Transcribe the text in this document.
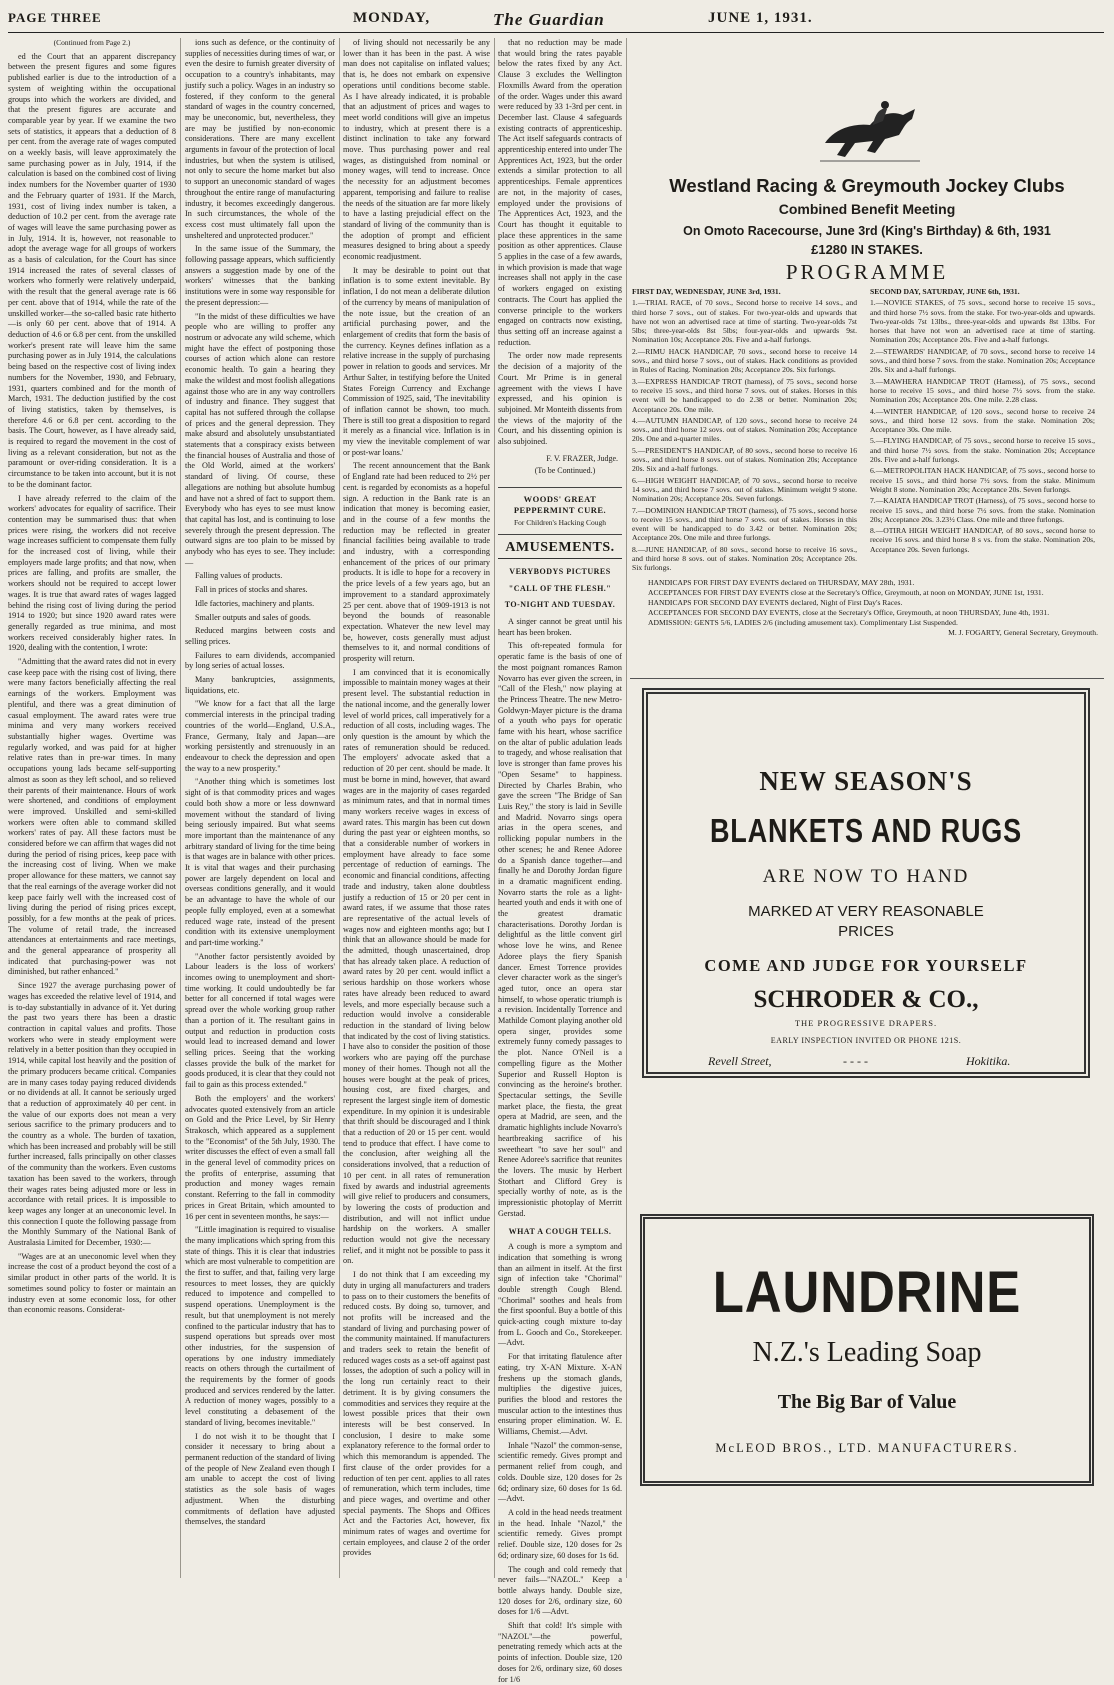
PAGE THREE	MONDAY,	The Guardian	JUNE 1, 1931.

(Continued from Page 2.)

ed the Court that an apparent discrepancy between the present figures and some figures published earlier is due to the introduction of a system of weighting within the occupational groups into which the workers are divided, and that the present figures are accurate and comparable year by year. If we examine the two sets of statistics, it appears that a deduction of 8 per cent. from the average rate of wages computed on a weekly basis, will leave approximately the same purchasing power as in July, 1914, if the calculation is based on the combined cost of living index numbers for the November quarter of 1930 and the February quarter of 1931. If the March, 1931, cost of living index number is taken, a deduction of 10.2 per cent. from the average rate of wages will leave the same purchasing power as in July, 1914. It is, however, not reasonable to adopt the average wage for all groups of workers as a basis of calculation, for the Court has since 1914 increased the rates of several classes of workers who formerly were relatively underpaid, with the result that the general average rate is 66 per cent. above that of 1914, while the rate of the unskilled worker—the so-called basic rate hitherto—is only 60 per cent. above that of 1914. A deduction of 4.6 or 6.8 per cent. from the unskilled worker's present rate will leave him the same purchasing power as in July 1914, the calculations being based on the respective cost of living index numbers for the November, 1930, and February, 1931, quarters combined and for the month of March, 1931. The deduction justified by the cost of living statistics, taken by themselves, is therefore 4.6 or 6.8 per cent. according to the basis. The Court, however, as I have already said, is required to regard the movement in the cost of living as a relevant consideration, but not as the paramount or over-riding consideration. It is a circumstance to be taken into account, but it is not to be the dominant factor.

I have already referred to the claim of the workers' advocates for equality of sacrifice. Their contention may be summarised thus: that when prices were rising, the workers did not receive wage increases sufficient to compensate them fully for the increased cost of living, while their employers made large profits; and that now, when prices are falling, and profits are smaller, the workers should not be required to accept lower wages. It is true that award rates of wages lagged behind the rising cost of living during the period 1914 to 1920; but since 1920 award rates were generally regarded as true minima, and most workers received considerably higher rates. In 1920, dealing with the contention, I wrote:

"Admitting that the award rates did not in every case keep pace with the rising cost of living, there were many factors beneficially affecting the real earnings of the workers. Employment was plentiful, and there was a great diminution of casual employment. The award rates were true minima and very many workers received substantially higher wages. Overtime was regularly worked, and was paid for at higher relative rates than in pre-war times. In many occupations young lads became self-supporting almost as soon as they left school, and so relieved their parents of their maintenance. Hours of work were shortened, and conditions of employment were improved. Unskilled and semi-skilled workers were often able to command skilled workers' rates of pay. All these factors must be considered before we can affirm that wages did not during the period of rising prices, keep pace with the increasing cost of living. When we make proper allowance for these matters, we cannot say that the real earnings of the average worker did not keep pace fairly well with the increased cost of living during the period of rising prices except, possibly, for a few months at the peak of prices. The volume of retail trade, the increased attendances at entertainments and race meetings, and the general appearance of prosperity all indicated that purchasing-power was not diminished, but rather enhanced."

Since 1927 the average purchasing power of wages has exceeded the relative level of 1914, and is to-day substantially in advance of it. Yet during the past two years there has been a drastic contraction in capital values and profits. Those workers who were in steady employment were relatively in a better position than they occupied in 1914, while capital lost heavily and the position of the primary producers became critical. Companies are in many cases today paying reduced dividends or no dividends at all. It cannot be seriously urged that a reduction of approximately 40 per cent. in the value of our exports does not mean a very serious sacrifice to the primary producers and to the country as a whole. The burden of taxation, which has been increased and probably will be still further increased, falls principally on other classes of the community than the workers. Even customs taxation has been saved to the workers, through their wages rates being adjusted more or less in accordance with retail prices. It is impossible to keep wages any longer at an uneconomic level. In this connection I quote the following passage from the Monthly Summary of the National Bank of Australasia Limited for December, 1930:—

"Wages are at an uneconomic level when they increase the cost of a product beyond the cost of a similar product in other parts of the world. It is sometimes sound policy to foster or maintain an industry even at some economic loss, for other than economic reasons. Considerat-

ions such as defence, or the continuity of supplies of necessities during times of war, or even the desire to furnish greater diversity of occupation to a country's inhabitants, may justify such a policy. Wages in an industry so fostered, if they conform to the general standard of wages in the country concerned, may be uneconomic, but, nevertheless, they are may be justified by non-economic considerations. There are many excellent arguments in favour of the protection of local industries, but when the system is utilised, not only to secure the home market but also to support an uneconomic standard of wages throughout the entire range of manufacturing industry, it becomes exceedingly dangerous. In such circumstances, the whole of the excess cost must ultimately fall upon the unsheltered and unprotected producer."

In the same issue of the Summary, the following passage appears, which sufficiently answers a suggestion made by one of the workers' witnesses that the banking institutions were in some way responsible for the present depression:—

"In the midst of these difficulties we have people who are willing to proffer any nostrum or advocate any wild scheme, which might have the effect of postponing those courses of action which alone can restore economic health. To gain a hearing they make the wildest and most foolish allegations against those who are in any way controllers of industry and finance. They suggest that capital has not suffered through the collapse of prices and the general depression. They make absurd and absolutely unsubstantiated statements that a conspiracy exists between the financial houses of Australia and those of the Old World, aimed at the workers' standard of living. Of course, these allegations are nothing but absolute humbug and have not a shred of fact to support them. Everybody who has eyes to see must know that capital has lost, and is continuing to lose severely through the present depression. The outward signs are too plain to be missed by anybody who has eyes to see. They include:—

Falling values of products.

Fall in prices of stocks and shares.

Idle factories, machinery and plants.

Smaller outputs and sales of goods.

Reduced margins between costs and selling prices.

Failures to earn dividends, accompanied by long series of actual losses.

Many bankruptcies, assignments, liquidations, etc.

"We know for a fact that all the large commercial interests in the principal trading countries of the world—England, U.S.A., France, Germany, Italy and Japan—are working persistently and strenuously in an endeavour to check the depression and open the way to a new prosperity."

"Another thing which is sometimes lost sight of is that commodity prices and wages could both show a more or less downward movement without the standard of living being seriously impaired. But what seems more important than the maintenance of any arbitrary standard of living for the time being is that wages are in balance with other prices. It is vital that wages and their purchasing power are largely dependent on local and overseas conditions generally, and it would be an advantage to have the whole of our people fully employed, even at a somewhat reduced wage rate, instead of the present condition with its extensive unemployment and part-time working."

"Another factor persistently avoided by Labour leaders is the loss of workers' incomes owing to unemployment and short-time working. It could undoubtedly be far better for all concerned if total wages were spread over the whole working group rather than a portion of it. The resultant gains in output and reduction in production costs would lead to increased demand and lower selling prices. Seeing that the working classes provide the bulk of the market for goods produced, it is clear that they could not fail to gain as this process extended."

Both the employers' and the workers' advocates quoted extensively from an article on Gold and the Price Level, by Sir Henry Strakosch, which appeared as a supplement to the "Economist" of the 5th July, 1930. The writer discusses the effect of even a small fall in the general level of commodity prices on the profits of enterprise, assuming that production and money wages remain constant. Referring to the fall in commodity prices in Great Britain, which amounted to 16 per cent in seventeen months, he says:—

"Little imagination is required to visualise the many implications which spring from this state of things. This it is clear that industries which are most vulnerable to competition are the first to suffer, and that, failing very large resources to meet losses, they are quickly reduced to impotence and compelled to suspend operations. Unemployment is the result, but that unemployment is not merely confined to the particular industry that has to suspend operations but spreads over most other industries, for the suspension of operations by one industry immediately reacts on others through the curtailment of the requirements by the former of goods produced and services rendered by the latter. A reduction of money wages, possibly to a level constituting a debasement of the standard of living, becomes inevitable."

I do not wish it to be thought that I consider it necessary to bring about a permanent reduction of the standard of living of the people of New Zealand even though I am unable to accept the cost of living statistics as the sole basis of wages adjustment. When the disturbing commitments of deflation have adjusted themselves, the standard

of living should not necessarily be any lower than it has been in the past. A wise man does not capitalise on inflated values; that is, he does not embark on expensive operations until conditions become stable. As I have already indicated, it is probable that an adjustment of prices and wages to meet world conditions will give an impetus to industry, which at present there is a distinct inclination to take any forward move. Thus purchasing power and real wages, as distinguished from nominal or money wages, will tend to increase. Once the necessity for an adjustment becomes apparent, temporising and failure to realise the needs of the situation are far more likely to have a lasting prejudicial effect on the standard of living of the community than is the adoption of prompt and efficient measures designed to bring about a speedy economic readjustment.

It may be desirable to point out that inflation is to some extent inevitable. By inflation, I do not mean a deliberate dilution of the currency by means of manipulation of the note issue, but the creation of an artificial purchasing power, and the enlargement of credits that form the basis of the currency. Keynes defines inflation as a relative increase in the supply of purchasing power in relation to goods and services. Mr Arthur Salter, in testifying before the United States Foreign Currency and Exchange Commission of 1925, said, 'The inevitability of inflation cannot be shown, too much. There is still too great a disposition to regard it merely as a financial vice. Inflation is in my view the inevitable complement of war or post-war loans.'

The recent announcement that the Bank of England rate had been reduced to 2½ per cent. is regarded by economists as a hopeful sign. A reduction in the Bank rate is an indication that money is becoming easier, and in the course of a few months the reduction may be reflected in greater financial facilities being available to trade and industry, with a corresponding enhancement of the prices of our primary products. It is idle to hope for a recovery in the price levels of a few years ago, but an improvement to a standard approximately 25 per cent. above that of 1909-1913 is not beyond the bounds of reasonable expectation. Whatever the new level may be, however, costs generally must adjust themselves to it, and normal conditions of prosperity will return.

I am convinced that it is economically impossible to maintain money wages at their present level. The substantial reduction in the national income, and the generally lower level of world prices, call imperatively for a reduction of all costs, including wages. The only question is the amount by which the rates of remuneration should be reduced. The employers' advocate asked that a reduction of 20 per cent. should be made. It must be borne in mind, however, that award wages are in the majority of cases regarded as minimum rates, and that in normal times many workers receive wages in excess of award rates. This margin has been cut down during the past year or eighteen months, so that a considerable number of workers in employment have already to face some percentage of reduction of earnings. The economic and financial conditions, affecting trade and industry, taken alone doubtless justify a reduction of 15 or 20 per cent in award rates, if we assume that those rates are representative of the actual levels of wages now and eighteen months ago; but I think that an allowance should be made for the admitted, though unascertained, drop that has already taken place. A reduction of award rates by 20 per cent. would inflict a serious hardship on those workers whose rates have already been reduced to award levels, and more especially because such a reduction would involve a considerable reduction in the standard of living below that indicated by the cost of living statistics. I have also to consider the position of those workers who are paying off the purchase money of their homes. Though not all the houses were bought at the peak of prices, housing cost, are fixed charges, and represent the largest single item of domestic expenditure. In my opinion it is undesirable that thrift should be discouraged and I think that a reduction of 20 or 15 per cent. would tend to produce that effect. I have come to the conclusion, after weighing all the considerations involved, that a reduction of 10 per cent. in all rates of remuneration fixed by awards and industrial agreements will give relief to producers and consumers, by lowering the costs of production and distribution, and will not inflict undue hardship on the workers. A smaller reduction would not give the necessary relief, and it might not be possible to pass it on.

I do not think that I am exceeding my duty in urging all manufacturers and traders to pass on to their customers the benefits of reduced costs. By doing so, turnover, and not profits will be increased and the standard of living and purchasing power of the community maintained. If manufacturers and traders seek to retain the benefit of reduced wages costs as a set-off against past losses, the adoption of such a policy will in the long run certainly react to their detriment. It is by giving consumers the commodities and services they require at the lowest possible prices that their own interests will be best conserved. In conclusion, I desire to make some explanatory reference to the formal order to which this memorandum is appended. The first clause of the order provides for a reduction of ten per cent. applies to all rates of remuneration, which term includes, time and piece wages, and overtime and other special payments. The Shops and Offices Act and the Factories Act, however, fix minimum rates of wages and overtime for certain employees, and clause 2 of the order provides

that no reduction may be made that would bring the rates payable below the rates fixed by any Act. Clause 3 excludes the Wellington Floxmills Award from the operation of the order. Wages under this award were reduced by 33 1-3rd per cent. in December last. Clause 4 safeguards existing contracts of apprenticeship. The Act itself safeguards contracts of apprenticeship entered into under The Apprentices Act, 1923, but the order extends a similar protection to all apprenticeships. Female apprentices are not, in the majority of cases, employed under the provisions of The Apprentices Act, 1923, and the Court has thought it equitable to place these apprentices in the same position as other apprentices. Clause 5 applies in the case of a few awards, in which provision is made that wage increases shall not apply in the case of workers engaged on existing contracts. The Court has applied the converse principle to the workers engaged on contracts now existing, thus setting off an increase against a reduction.

The order now made represents the decision of a majority of the Court. Mr Prime is in general agreement with the views I have expressed, and his opinion is subjoined. Mr Monteith dissents from the views of the majority of the Court, and his dissenting opinion is also subjoined.

F. V. FRAZER, Judge.

(To be Continued.)

WOODS' GREAT PEPPERMINT CURE.
For Children's Hacking Cough
AMUSEMENTS.
VERYBODYS PICTURES
"CALL OF THE FLESH."
TO-NIGHT AND TUESDAY.

A singer cannot be great until his heart has been broken.

This oft-repeated formula for operatic fame is the basis of one of the most poignant romances Ramon Novarro has ever given the screen, in "Call of the Flesh," now playing at the Princess Theatre. The new Metro-Goldwyn-Mayer picture is the drama of a youth who pays for operatic fame with his heart, whose sacrifice on the altar of public adulation leads to tragedy, and whose realisation that love is stronger than fame proves his "Open Sesame" to happiness. Directed by Charles Brabin, who gave the screen "The Bridge of San Luis Rey," the story is laid in Seville and Madrid. Novarro sings opera arias in the opera scenes, and rollicking popular numbers in the other scenes; he and Renee Adoree do a Spanish dance together—and finally he and Dorothy Jordan figure in a dramatic magnificent ending. Novarro starts the role as a light-hearted youth and ends it with one of the greatest dramatic characterisations. Dorothy Jordan is delightful as the little convent girl whose love he wins, and Renee Adoree plays the fiery Spanish dancer. Ernest Torrence provides clever character work as the singer's aged tutor, once an opera star himself, to whose operatic triumph is a revision. Incidentally Torrence and Mathilde Comont playing another old opera singer, provides some extremely funny comedy passages to the plot. Nance O'Neil is a compelling figure as the Mother Superior and Russell Hopton is convincing as the heroine's brother. Spectacular settings, the Seville market place, the fiesta, the great opera at Madrid, are seen, and the dramatic highlights include Novarro's heartbreaking sacrifice of his sweetheart "to save her soul" and Renee Adoree's sacrifice that reunites the lovers. The music by Herbert Stothart and Clifford Grey is specially worthy of note, as is the impressionistic photoplay of Merritt Gerstad.

WHAT A COUGH TELLS.

A cough is more a symptom and indication that something is wrong than an ailment in itself. At the first sign of infection take "Chorimal" double strength Cough Blend. "Chorimal" soothes and heals from the first spoonful. Buy a bottle of this quick-acting cough mixture to-day from L. Gooch and Co., Storekeeper.—Advt.

For that irritating flatulence after eating, try X-AN Mixture. X-AN freshens up the stomach glands, multiplies the digestive juices, purifies the blood and restores the muscular action to the intestines thus ensuring proper elimination. W. E. Williams, Chemist.—Advt.

Inhale "Nazol" the common-sense, scientific remedy. Gives prompt and permanent relief from cough, and colds. Double size, 120 doses for 2s 6d; ordinary size, 60 doses for 1s 6d.—Advt.

A cold in the head needs treatment in the head. Inhale "Nazol," the scientific remedy. Gives prompt relief. Double size, 120 doses for 2s 6d; ordinary size, 60 doses for 1s 6d.

The cough and cold remedy that never fails—"NAZOL." Keep a bottle always handy. Double size, 120 doses for 2/6, ordinary size, 60 doses for 1/6 —Advt.

Shift that cold! It's simple with "NAZOL"—the powerful, penetrating remedy which acts at the points of infection. Double size, 120 doses for 2/6, ordinary size, 60 doses for 1/6

Westland Racing & Greymouth Jockey Clubs
Combined Benefit Meeting
On Omoto Racecourse, June 3rd (King's Birthday) & 6th, 1931
£1280 IN STAKES.
PROGRAMME
FIRST DAY, WEDNESDAY, JUNE 3rd, 1931.

1.—TRIAL RACE, of 70 sovs., Second horse to receive 14 sovs., and third horse 7 sovs., out of stakes. For two-year-olds and upwards that have not won an advertised race at time of starting. Two-year-olds 7st 5lbs; three-year-olds 8st 5lbs; four-year-olds and upwards 9st. Nomination 10s; Acceptance 20s. Five and a-half furlongs.

2.—RIMU HACK HANDICAP, 70 sovs., second horse to receive 14 sovs., and third horse 7 sovs., out of stakes. Hack conditions as provided in Rules of Racing. Nomination 20s; Acceptance 20s. Six furlongs.

3.—EXPRESS HANDICAP TROT (harness), of 75 sovs., second horse to receive 15 sovs., and third horse 7 sovs. out of stakes. Horses in this event will be handicapped to do 2.38 or better. Nomination 20s; Acceptance 20s. One mile.

4.—AUTUMN HANDICAP, of 120 sovs., second horse to receive 24 sovs., and third horse 12 sovs. out of stakes. Nomination 20s; Acceptance 20s. One and a-quarter miles.

5.—PRESIDENT'S HANDICAP, of 80 sovs., second horse to receive 16 sovs., and third horse 8 sovs. out of stakes. Nomination 20s; Acceptance 20s. Six and a-half furlongs.

6.—HIGH WEIGHT HANDICAP, of 70 sovs., second horse to receive 14 sovs., and third horse 7 sovs. out of stakes. Minimum weight 9 stone. Nomination 20s; Acceptance 20s. Seven furlongs.

7.—DOMINION HANDICAP TROT (harness), of 75 sovs., second horse to receive 15 sovs., and third horse 7 sovs. out of stakes. Horses in this event will be handicapped to do 3.42 or better. Nomination 20s; Acceptance 20s. One mile and three furlongs.

8.—JUNE HANDICAP, of 80 sovs., second horse to receive 16 sovs., and third horse 8 sovs. out of stakes. Nomination 20s; Acceptance 20s. Six furlongs.

SECOND DAY, SATURDAY, JUNE 6th, 1931.

1.—NOVICE STAKES, of 75 sovs., second horse to receive 15 sovs., and third horse 7½ sovs. from the stake. For two-year-olds and upwards. Two-year-olds 7st 13lbs., three-year-olds and upwards 8st 13lbs. For horses that have not won an advertised race at time of starting. Nomination 20s; Acceptance 20s. Five and a-half furlongs.

2.—STEWARDS' HANDICAP, of 70 sovs., second horse to receive 14 sovs., and third horse 7 sovs. from the stake. Nomination 20s; Acceptance 20s. Six and a-half furlongs.

3.—MAWHERA HANDICAP TROT (Harness), of 75 sovs., second horse to receive 15 sovs., and third horse 7½ sovs. from the stake. Nomination 20s; Acceptance 20s. One mile. 2.28 class.

4.—WINTER HANDICAP, of 120 sovs., second horse to receive 24 sovs., and third horse 12 sovs. from the stake. Nomination 20s; Acceptance 30s. One mile.

5.—FLYING HANDICAP, of 75 sovs., second horse to receive 15 sovs., and third horse 7½ sovs. from the stake. Nomination 20s; Acceptance 20s. Five and a-half furlongs.

6.—METROPOLITAN HACK HANDICAP, of 75 sovs., second horse to receive 15 sovs., and third horse 7½ sovs. from the stake. Minimum Weight 8 stone. Nomination 20s; Acceptance 20s. Seven furlongs.

7.—KAIATA HANDICAP TROT (Harness), of 75 sovs., second horse to receive 15 sovs., and third horse 7½ sovs. from the stake. Nomination 20s; Acceptance 20s. 3.23½ Class. One mile and three furlongs.

8.—OTIRA HIGH WEIGHT HANDICAP, of 80 sovs., second horse to receive 16 sovs. and third horse 8 s vs. from the stake. Nomination 20s, Acceptance 20s. Seven furlongs.

HANDICAPS FOR FIRST DAY EVENTS declared on THURSDAY, MAY 28th, 1931.
ACCEPTANCES FOR FIRST DAY EVENTS close at the Secretary's Office, Greymouth, at noon on MONDAY, JUNE 1st, 1931.
HANDICAPS FOR SECOND DAY EVENTS declared, Night of First Day's Races.
ACCEPTANCES FOR SECOND DAY EVENTS, close at the Secretary's Office, Greymouth, at noon THURSDAY, June 4th, 1931.
ADMISSION: GENTS 5/6, LADIES 2/6 (including amusement tax). Complimentary List Suspended.
M. J. FOGARTY, General Secretary, Greymouth.
NEW SEASON'S
BLANKETS AND RUGS
ARE NOW TO HAND
MARKED AT VERY REASONABLE PRICES
COME AND JUDGE FOR YOURSELF
SCHRODER & CO.,
THE PROGRESSIVE DRAPERS.
EARLY INSPECTION INVITED OR PHONE 121S.
Revell Street,	- - - -	Hokitika.
LAUNDRINE
N.Z.'s Leading Soap
The Big Bar of Value
McLEOD BROS., LTD. MANUFACTURERS.
